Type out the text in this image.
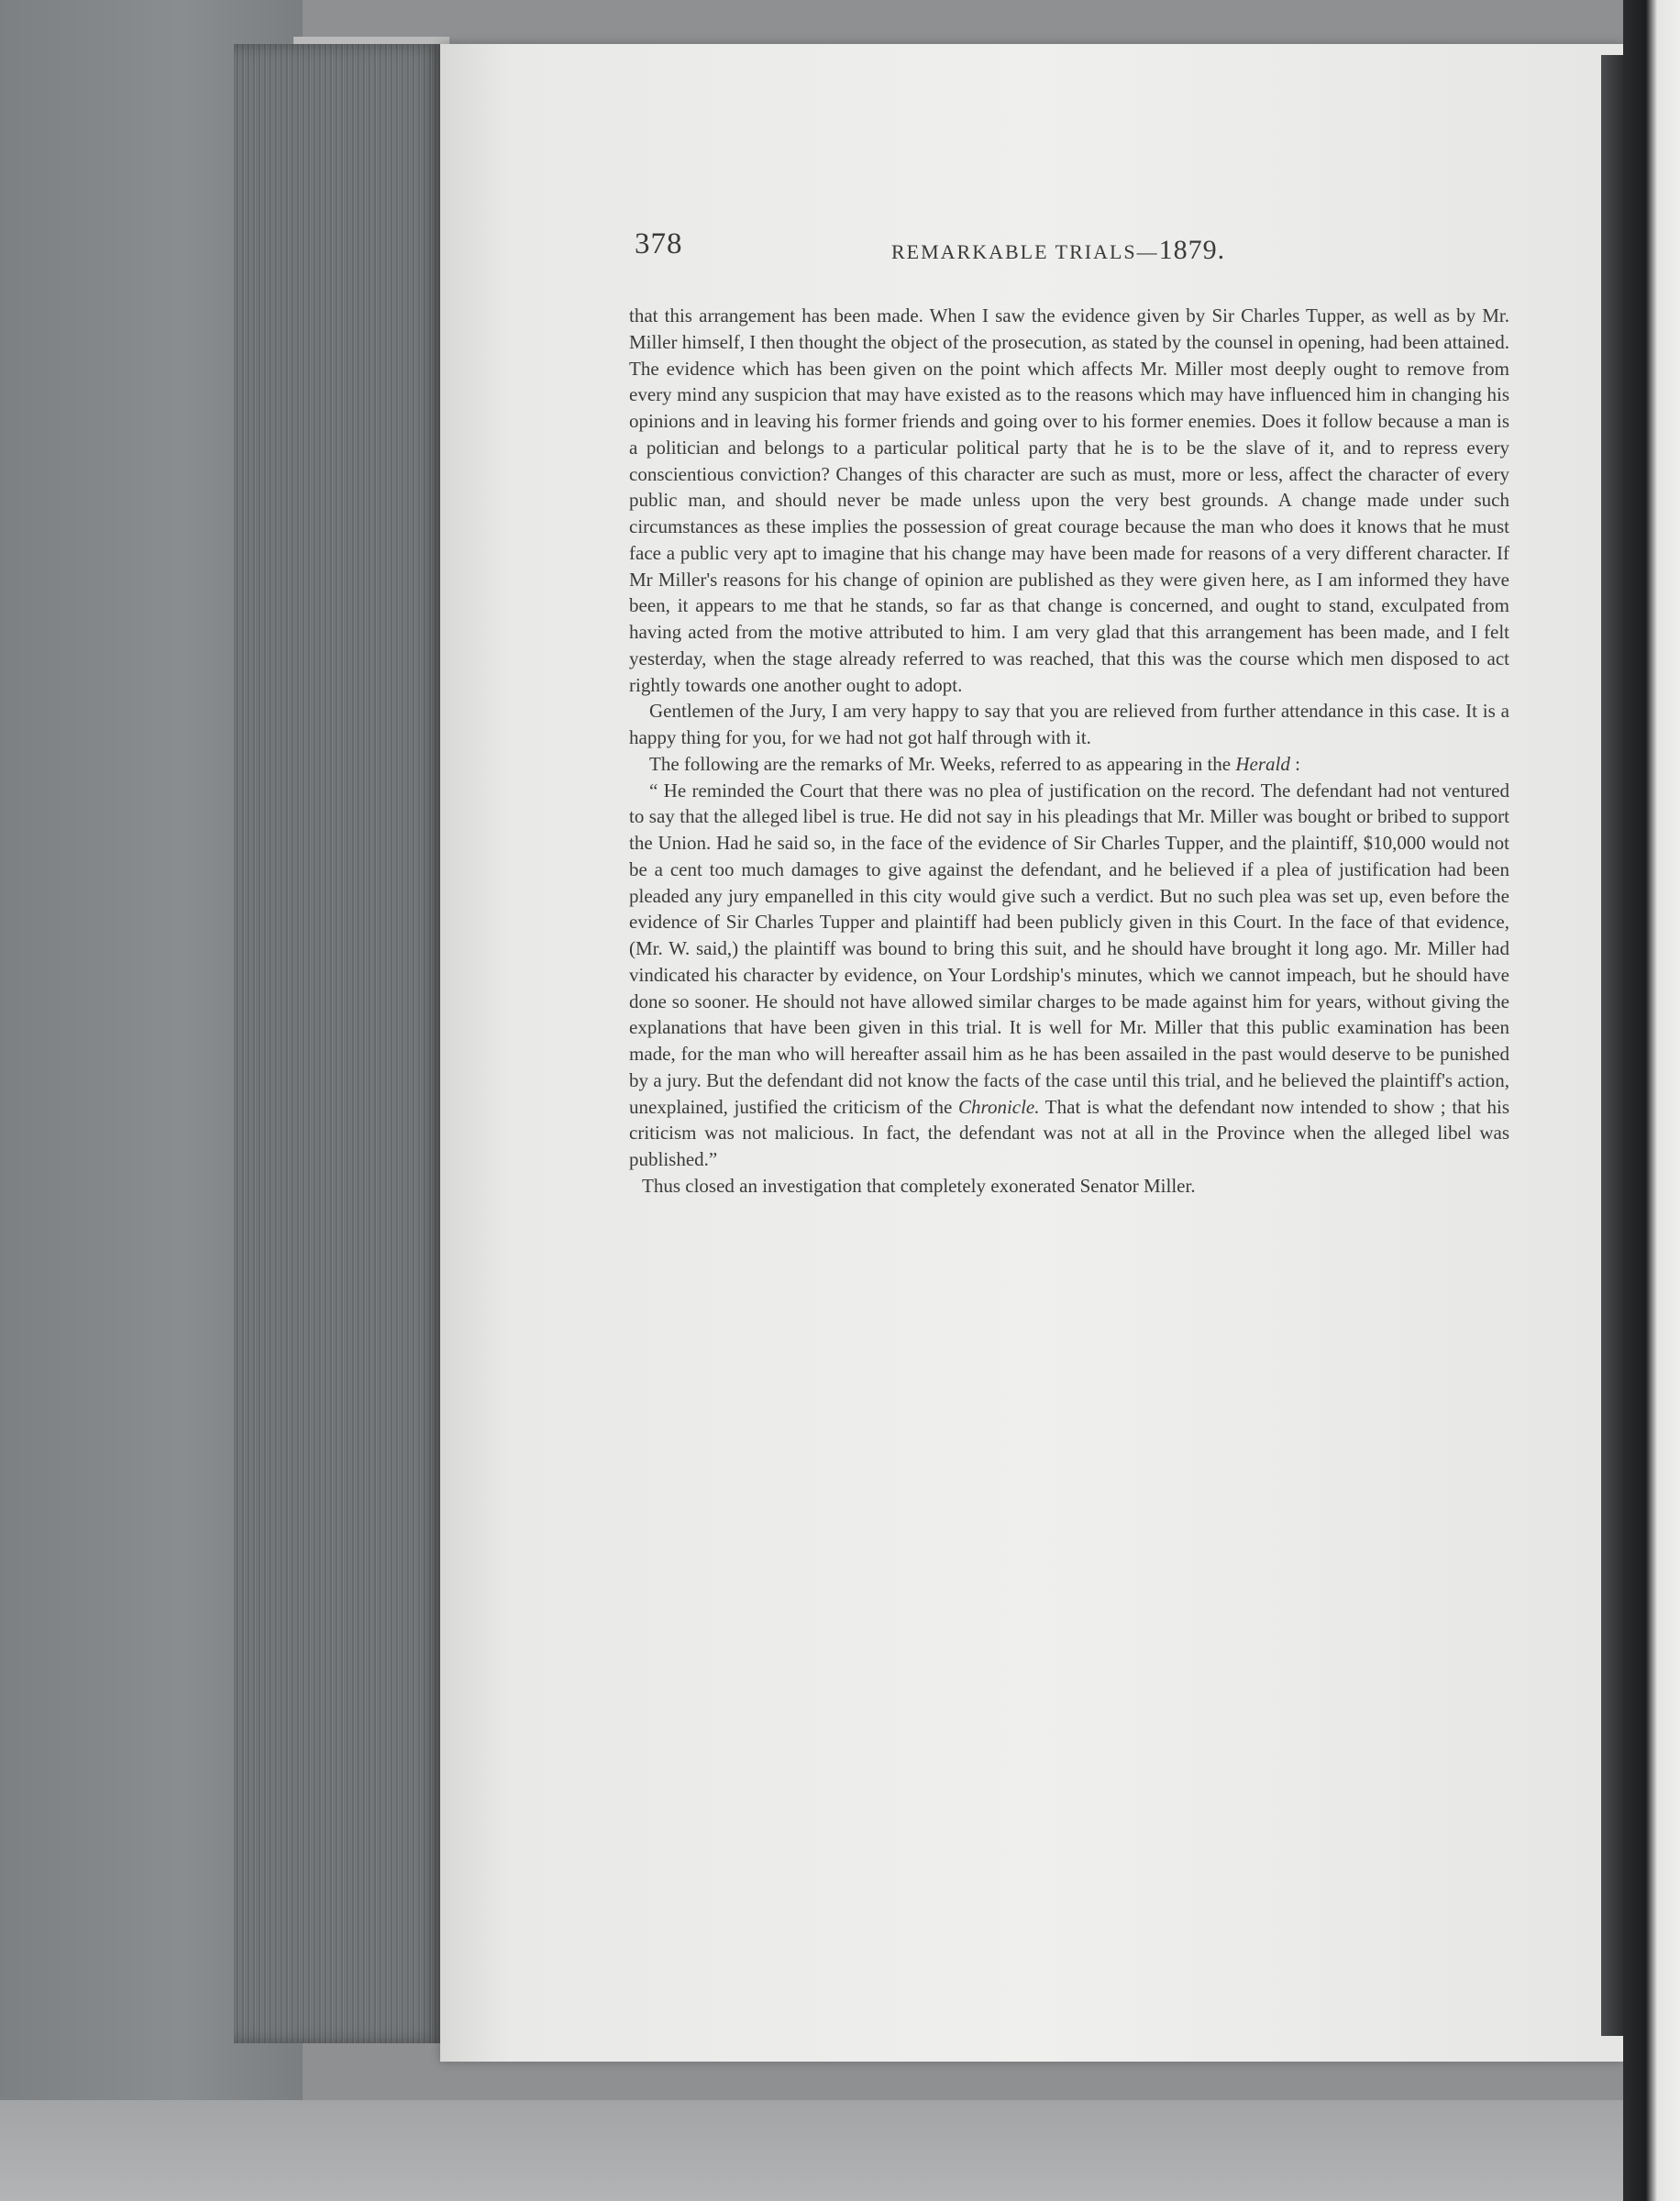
378	REMARKABLE TRIALS—1879.

that this arrangement has been made. When I saw the evidence given by Sir Charles Tupper, as well as by Mr. Miller himself, I then thought the object of the prosecution, as stated by the counsel in opening, had been attained. The evidence which has been given on the point which affects Mr. Miller most deeply ought to remove from every mind any suspicion that may have existed as to the reasons which may have influenced him in changing his opinions and in leaving his former friends and going over to his former enemies. Does it follow because a man is a politician and belongs to a particular political party that he is to be the slave of it, and to repress every conscientious conviction? Changes of this character are such as must, more or less, affect the character of every public man, and should never be made unless upon the very best grounds. A change made under such circumstances as these implies the possession of great courage because the man who does it knows that he must face a public very apt to imagine that his change may have been made for reasons of a very different character. If Mr Miller's reasons for his change of opinion are published as they were given here, as I am informed they have been, it appears to me that he stands, so far as that change is concerned, and ought to stand, exculpated from having acted from the motive attributed to him. I am very glad that this arrangement has been made, and I felt yesterday, when the stage already referred to was reached, that this was the course which men disposed to act rightly towards one another ought to adopt.

Gentlemen of the Jury, I am very happy to say that you are relieved from further attendance in this case. It is a happy thing for you, for we had not got half through with it.

The following are the remarks of Mr. Weeks, referred to as appearing in the Herald :

“ He reminded the Court that there was no plea of justification on the record. The defendant had not ventured to say that the alleged libel is true. He did not say in his pleadings that Mr. Miller was bought or bribed to support the Union. Had he said so, in the face of the evidence of Sir Charles Tupper, and the plaintiff, $10,000 would not be a cent too much damages to give against the defendant, and he believed if a plea of justification had been pleaded any jury empanelled in this city would give such a verdict. But no such plea was set up, even before the evidence of Sir Charles Tupper and plaintiff had been publicly given in this Court. In the face of that evidence, (Mr. W. said,) the plaintiff was bound to bring this suit, and he should have brought it long ago. Mr. Miller had vindicated his character by evidence, on Your Lordship's minutes, which we cannot impeach, but he should have done so sooner. He should not have allowed similar charges to be made against him for years, without giving the explanations that have been given in this trial. It is well for Mr. Miller that this public examination has been made, for the man who will hereafter assail him as he has been assailed in the past would deserve to be punished by a jury. But the defendant did not know the facts of the case until this trial, and he believed the plaintiff's action, unexplained, justified the criticism of the Chronicle. That is what the defendant now intended to show ; that his criticism was not malicious. In fact, the defendant was not at all in the Province when the alleged libel was published.”

Thus closed an investigation that completely exonerated Senator Miller.
